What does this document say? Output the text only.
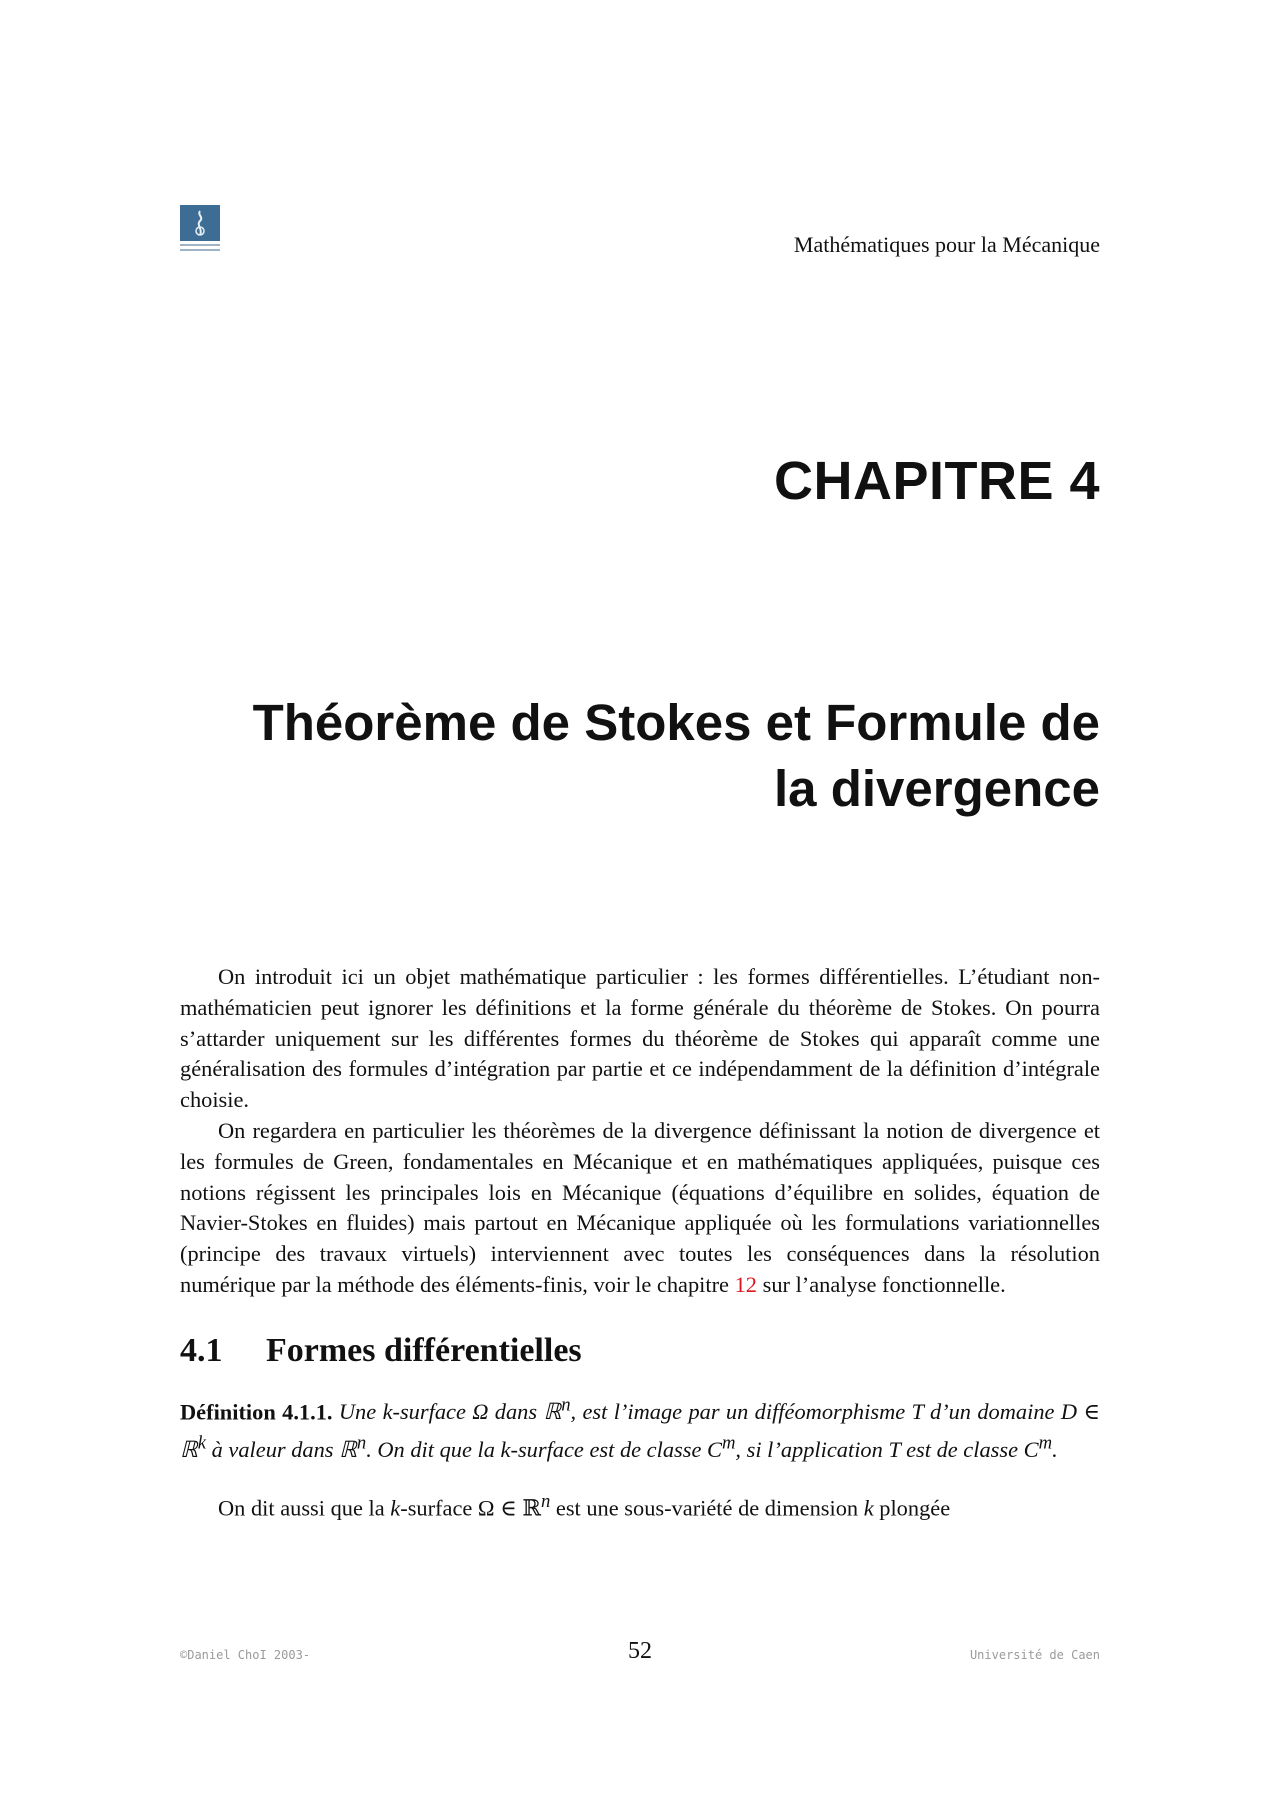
Mathématiques pour la Mécanique
CHAPITRE 4
Théorème de Stokes et Formule de
la divergence

On introduit ici un objet mathématique particulier : les formes différentielles. L’étudiant non-mathématicien peut ignorer les définitions et la forme générale du théorème de Stokes. On pourra s’attarder uniquement sur les différentes formes du théorème de Stokes qui apparaît comme une généralisation des formules d’intégration par partie et ce indépendamment de la définition d’intégrale choisie.

On regardera en particulier les théorèmes de la divergence définissant la notion de divergence et les formules de Green, fondamentales en Mécanique et en mathématiques appliquées, puisque ces notions régissent les principales lois en Mécanique (équations d’équilibre en solides, équation de Navier-Stokes en fluides) mais partout en Mécanique appliquée où les formulations variationnelles (principe des travaux virtuels) interviennent avec toutes les conséquences dans la résolution numérique par la méthode des éléments-finis, voir le chapitre 12 sur l’analyse fonctionnelle.

4.1	Formes différentielles

Définition 4.1.1. Une k-surface Ω dans ℝ$^n$, est l’image par un difféomorphisme T d’un domaine D ∈ ℝ$^k$ à valeur dans ℝ$^n$. On dit que la k-surface est de classe $C^m$, si l’application T est de classe $C^m$.

On dit aussi que la k-surface Ω ∈ ℝ$^n$ est une sous-variété de dimension k plongée

©Daniel ChoI 2003-	52	Université de Caen
